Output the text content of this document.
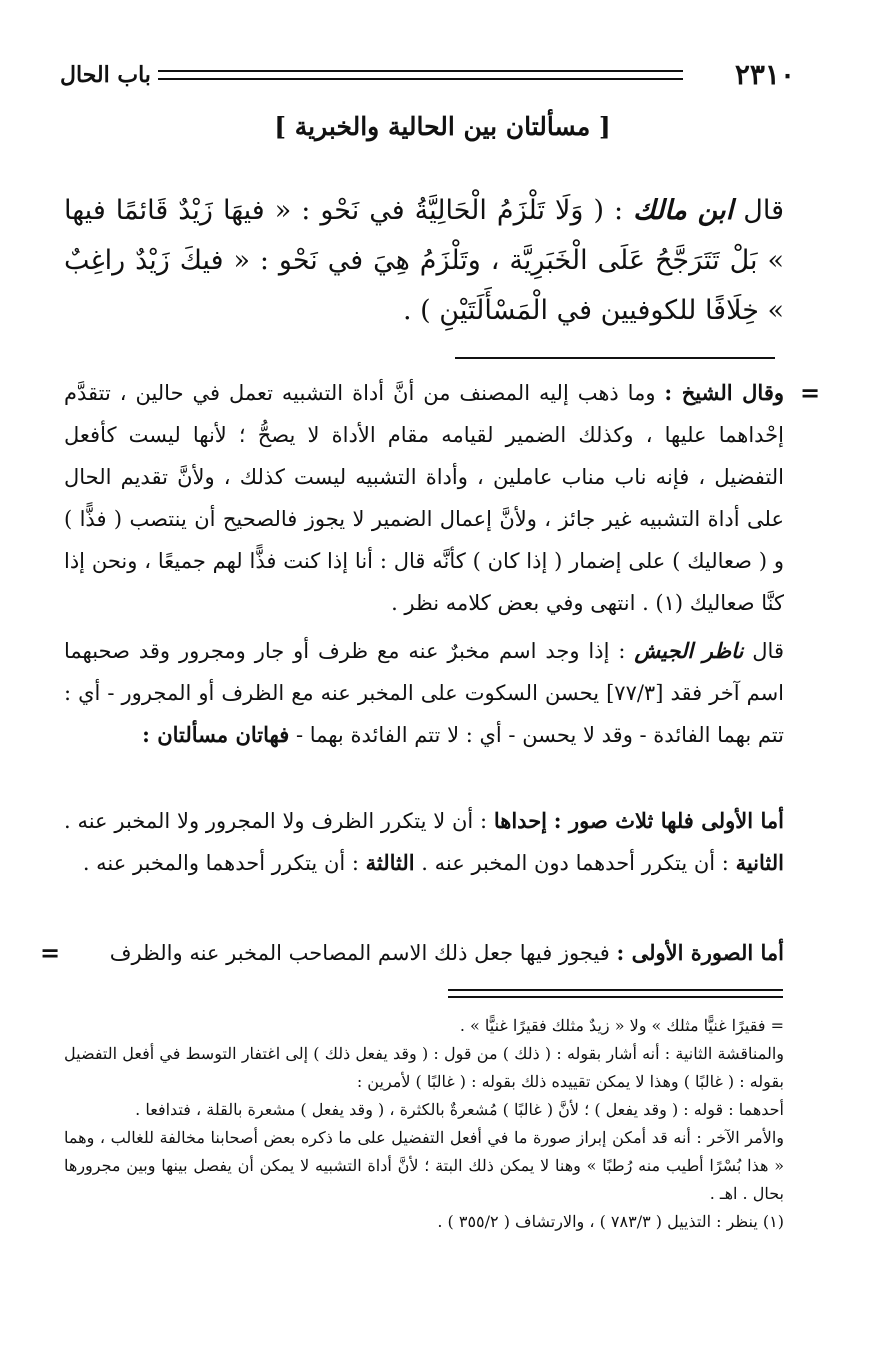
باب الحال	٢٣١٠
[ مسألتان بين الحالية والخبرية ]

قال ابن مالك : ( وَلَا تَلْزَمُ الْحَالِيَّةُ في نَحْو : « فيهَا زَيْدٌ قَائمًا فيها » بَلْ تَتَرَجَّحُ عَلَى الْخَبَرِيَّة ، وتَلْزَمُ هِيَ في نَحْو : « فيكَ زَيْدٌ راغِبٌ » خِلَافًا للكوفيين في الْمَسْأَلَتَيْنِ ) .

=

وقال الشيخ : وما ذهب إليه المصنف من أنَّ أداة التشبيه تعمل في حالين ، تتقدَّم إحْداهما عليها ، وكذلك الضمير لقيامه مقام الأداة لا يصحُّ ؛ لأنها ليست كأفعل التفضيل ، فإنه ناب مناب عاملين ، وأداة التشبيه ليست كذلك ، ولأنَّ تقديم الحال على أداة التشبيه غير جائز ، ولأنَّ إعمال الضمير لا يجوز فالصحيح أن ينتصب ( فذًّا ) و ( صعاليك ) على إضمار ( إذا كان ) كأنَّه قال : أنا إذا كنت فذًّا لهم جميعًا ، ونحن إذا كنَّا صعاليك (١) . انتهى وفي بعض كلامه نظر .

قال ناظر الجيش : إذا وجد اسم مخبرٌ عنه مع ظرف أو جار ومجرور وقد صحبهما اسم آخر فقد [٧٧/٣] يحسن السكوت على المخبر عنه مع الظرف أو المجرور - أي : تتم بهما الفائدة - وقد لا يحسن - أي : لا تتم الفائدة بهما - فهاتان مسألتان :

أما الأولى فلها ثلاث صور : إحداها : أن لا يتكرر الظرف ولا المجرور ولا المخبر عنه . الثانية : أن يتكرر أحدهما دون المخبر عنه . الثالثة : أن يتكرر أحدهما والمخبر عنه .

أما الصورة الأولى : فيجوز فيها جعل ذلك الاسم المصاحب المخبر عنه والظرف

=

= فقيرًا غنيًّا مثلك » ولا « زيدٌ مثلك فقيرًا غنيًّا » .

والمناقشة الثانية : أنه أشار بقوله : ( ذلك ) من قول : ( وقد يفعل ذلك ) إلى اغتفار التوسط في أفعل التفضيل بقوله : ( غالبًا ) وهذا لا يمكن تقييده ذلك بقوله : ( غالبًا ) لأمرين :

أحدهما : قوله : ( وقد يفعل ) ؛ لأنَّ ( غالبًا ) مُشعرةٌ بالكثرة ، ( وقد يفعل ) مشعرة بالقلة ، فتدافعا .

والأمر الآخر : أنه قد أمكن إبراز صورة ما في أفعل التفضيل على ما ذكره بعض أصحابنا مخالفة للغالب ، وهما « هذا بُسْرًا أطيب منه رُطبًا » وهنا لا يمكن ذلك البتة ؛ لأنَّ أداة التشبيه لا يمكن أن يفصل بينها وبين مجرورها بحال . اهـ .

(١) ينظر : التذييل ( ٧٨٣/٣ ) ، والارتشاف ( ٣٥٥/٢ ) .
